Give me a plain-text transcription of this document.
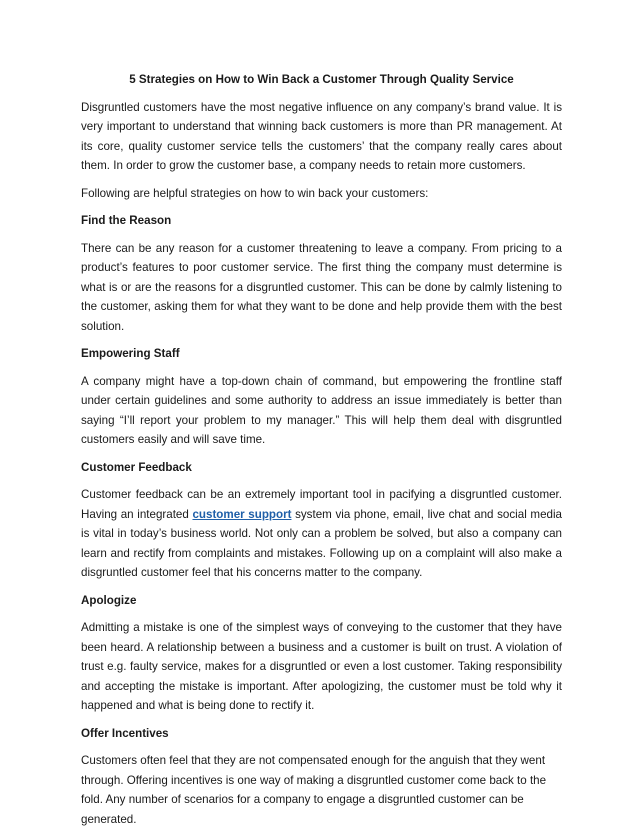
5 Strategies on How to Win Back a Customer Through Quality Service

Disgruntled customers have the most negative influence on any company’s brand value. It is very important to understand that winning back customers is more than PR management. At its core, quality customer service tells the customers’ that the company really cares about them. In order to grow the customer base, a company needs to retain more customers.

Following are helpful strategies on how to win back your customers:

Find the Reason

There can be any reason for a customer threatening to leave a company. From pricing to a product’s features to poor customer service. The first thing the company must determine is what is or are the reasons for a disgruntled customer. This can be done by calmly listening to the customer, asking them for what they want to be done and help provide them with the best solution.

Empowering Staff

A company might have a top-down chain of command, but empowering the frontline staff under certain guidelines and some authority to address an issue immediately is better than saying “I’ll report your problem to my manager.” This will help them deal with disgruntled customers easily and will save time.

Customer Feedback

Customer feedback can be an extremely important tool in pacifying a disgruntled customer. Having an integrated customer support system via phone, email, live chat and social media is vital in today’s business world. Not only can a problem be solved, but also a company can learn and rectify from complaints and mistakes. Following up on a complaint will also make a disgruntled customer feel that his concerns matter to the company.

Apologize

Admitting a mistake is one of the simplest ways of conveying to the customer that they have been heard. A relationship between a business and a customer is built on trust. A violation of trust e.g. faulty service, makes for a disgruntled or even a lost customer. Taking responsibility and accepting the mistake is important. After apologizing, the customer must be told why it happened and what is being done to rectify it.

Offer Incentives

Customers often feel that they are not compensated enough for the anguish that they went through. Offering incentives is one way of making a disgruntled customer come back to the fold. Any number of scenarios for a company to engage a disgruntled customer can be generated.
